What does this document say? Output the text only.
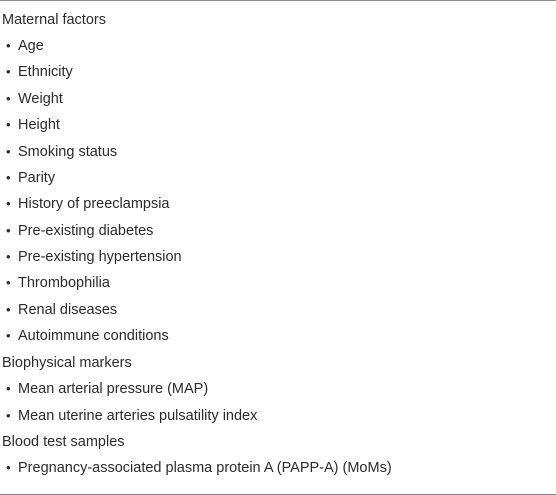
Maternal factors
• Age
• Ethnicity
• Weight
• Height
• Smoking status
• Parity
• History of preeclampsia
• Pre-existing diabetes
• Pre-existing hypertension
• Thrombophilia
• Renal diseases
• Autoimmune conditions
Biophysical markers
• Mean arterial pressure (MAP)
• Mean uterine arteries pulsatility index
Blood test samples
• Pregnancy-associated plasma protein A (PAPP-A) (MoMs)
